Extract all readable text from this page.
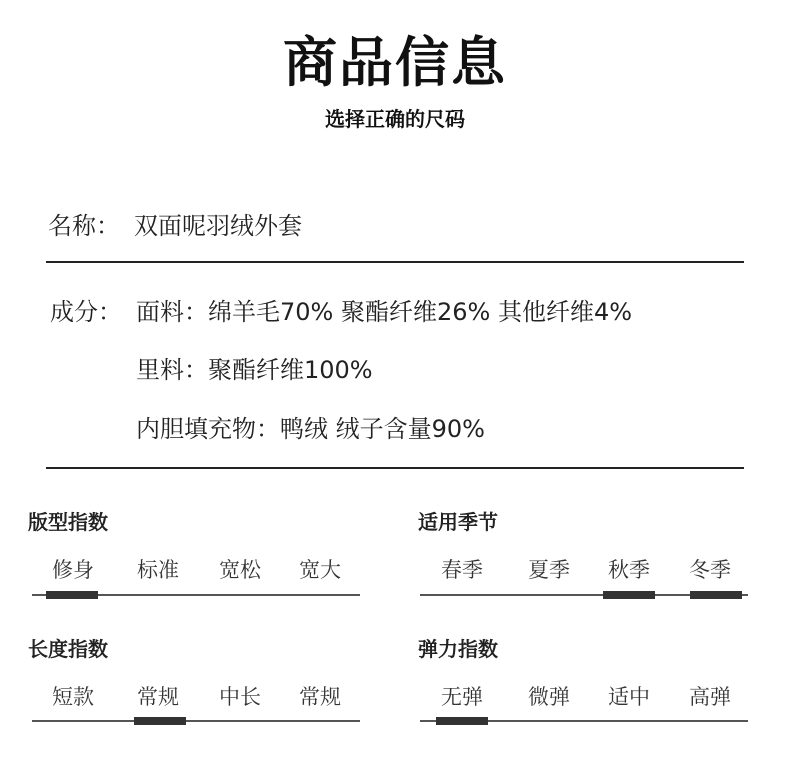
商品信息
选择正确的尺码
名称： 双面呢羽绒外套
成分： 面料：绵羊毛70% 聚酯纤维26% 其他纤维4%
里料：聚酯纤维100%
内胆填充物：鸭绒 绒子含量90%
版型指数
修身	标准	宽松	宽大
适用季节
春季	夏季	秋季	冬季
长度指数
短款	常规	中长	常规
弹力指数
无弹	微弹	适中	高弹
